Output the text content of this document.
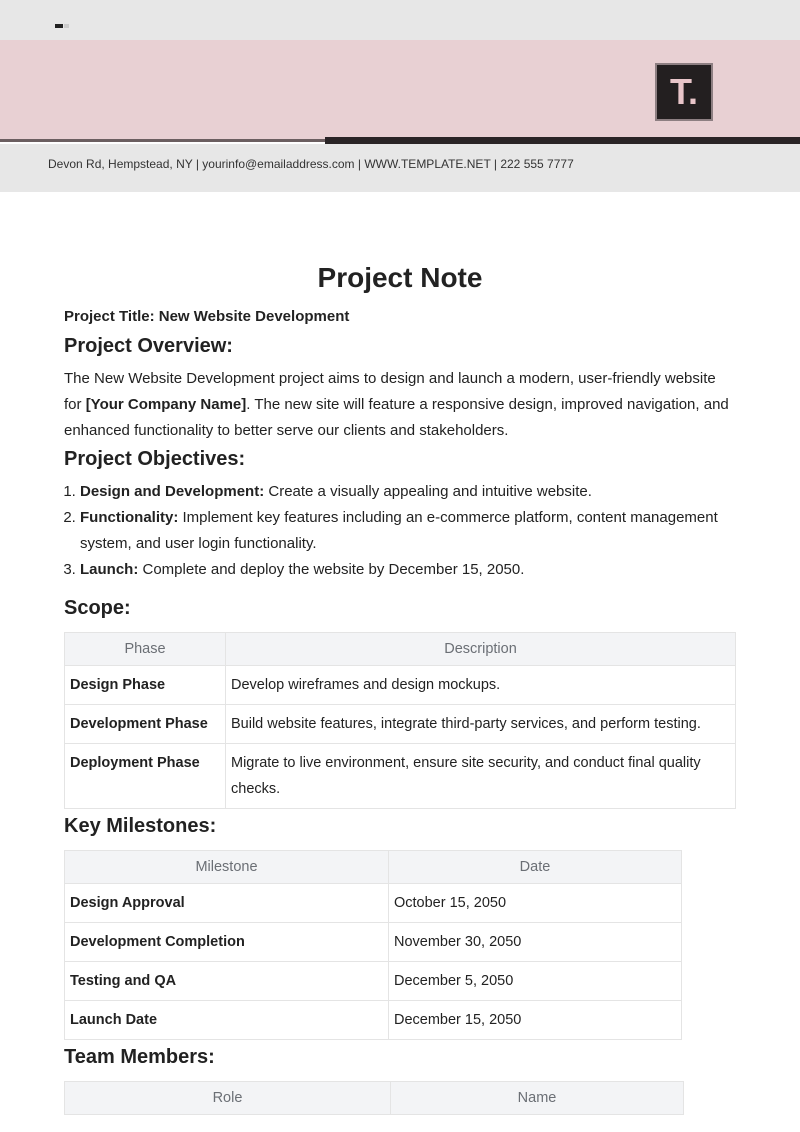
T.
Devon Rd, Hempstead, NY | yourinfo@emailaddress.com | WWW.TEMPLATE.NET | 222 555 7777
Project Note
Project Title: New Website Development
Project Overview:

The New Website Development project aims to design and launch a modern, user-friendly website for [Your Company Name]. The new site will feature a responsive design, improved navigation, and enhanced functionality to better serve our clients and stakeholders.

Project Objectives:
1. Design and Development: Create a visually appealing and intuitive website.
2. Functionality: Implement key features including an e-commerce platform, content management system, and user login functionality.
3. Launch: Complete and deploy the website by December 15, 2050.
Scope:
Phase	Description
Design Phase	Develop wireframes and design mockups.
Development Phase	Build website features, integrate third-party services, and perform testing.
Deployment Phase	Migrate to live environment, ensure site security, and conduct final quality checks.
Key Milestones:
Milestone	Date
Design Approval	October 15, 2050
Development Completion	November 30, 2050
Testing and QA	December 5, 2050
Launch Date	December 15, 2050
Team Members:
Role	Name
